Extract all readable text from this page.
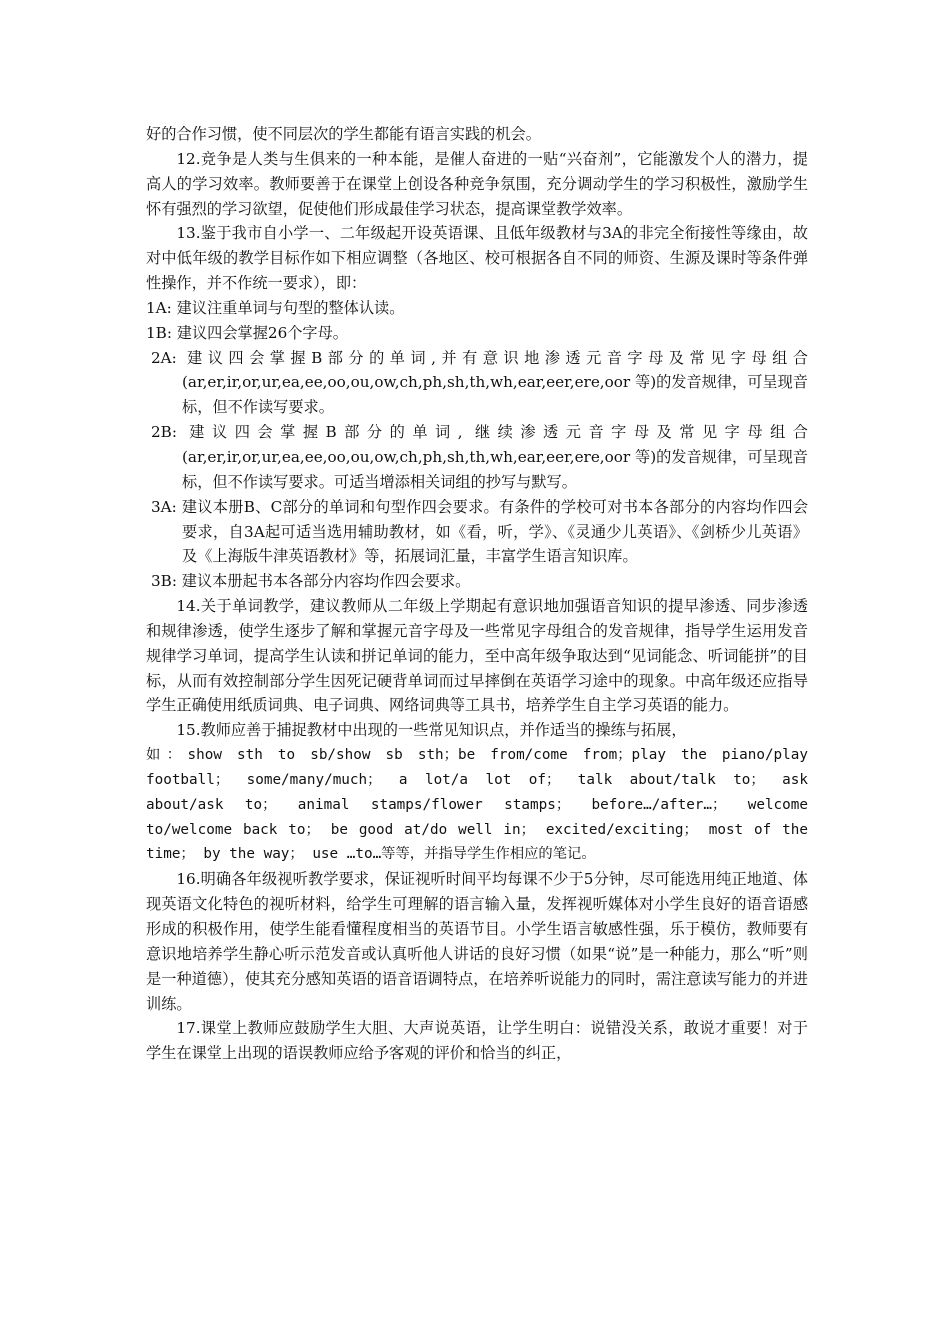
好的合作习惯，使不同层次的学生都能有语言实践的机会。

12.竞争是人类与生俱来的一种本能，是催人奋进的一贴“兴奋剂”，它能激发个人的潜力，提高人的学习效率。教师要善于在课堂上创设各种竞争氛围，充分调动学生的学习积极性，激励学生怀有强烈的学习欲望，促使他们形成最佳学习状态，提高课堂教学效率。

13.鉴于我市自小学一、二年级起开设英语课、且低年级教材与3A的非完全衔接性等缘由，故对中低年级的教学目标作如下相应调整（各地区、校可根据各自不同的师资、生源及课时等条件弹性操作，并不作统一要求），即：

1A: 建议注重单词与句型的整体认读。
1B: 建议四会掌握26个字母。

2A: 建议四会掌握B部分的单词,并有意识地渗透元音字母及常见字母组合(ar,er,ir,or,ur,ea,ee,oo,ou,ow,ch,ph,sh,th,wh,ear,eer,ere,oor 等)的发音规律，可呈现音标，但不作读写要求。

2B: 建议四会掌握B部分的单词, 继续渗透元音字母及常见字母组合(ar,er,ir,or,ur,ea,ee,oo,ou,ow,ch,ph,sh,th,wh,ear,eer,ere,oor 等)的发音规律，可呈现音标，但不作读写要求。可适当增添相关词组的抄写与默写。

3A: 建议本册B、C部分的单词和句型作四会要求。有条件的学校可对书本各部分的内容均作四会要求，自3A起可适当选用辅助教材，如《看，听，学》、《灵通少儿英语》、《剑桥少儿英语》及《上海版牛津英语教材》等，拓展词汇量，丰富学生语言知识库。

3B: 建议本册起书本各部分内容均作四会要求。

14.关于单词教学，建议教师从二年级上学期起有意识地加强语音知识的提早渗透、同步渗透和规律渗透，使学生逐步了解和掌握元音字母及一些常见字母组合的发音规律，指导学生运用发音规律学习单词，提高学生认读和拼记单词的能力，至中高年级争取达到“见词能念、听词能拼”的目标，从而有效控制部分学生因死记硬背单词而过早摔倒在英语学习途中的现象。中高年级还应指导学生正确使用纸质词典、电子词典、网络词典等工具书，培养学生自主学习英语的能力。

15.教师应善于捕捉教材中出现的一些常见知识点，并作适当的操练与拓展，

如：show sth to sb/show sb sth；be from/come from；play the piano/play football； some/many/much； a lot/a lot of； talk about/talk to； ask about/ask to； animal stamps/flower stamps； before…/after…； welcome to/welcome back to； be good at/do well in； excited/exciting； most of the time； by the way； use …to…等等，并指导学生作相应的笔记。

16.明确各年级视听教学要求，保证视听时间平均每课不少于5分钟，尽可能选用纯正地道、体现英语文化特色的视听材料，给学生可理解的语言输入量，发挥视听媒体对小学生良好的语音语感形成的积极作用，使学生能看懂程度相当的英语节目。小学生语言敏感性强，乐于模仿，教师要有意识地培养学生静心听示范发音或认真听他人讲话的良好习惯（如果“说”是一种能力，那么“听”则是一种道德），使其充分感知英语的语音语调特点，在培养听说能力的同时，需注意读写能力的并进训练。

17.课堂上教师应鼓励学生大胆、大声说英语，让学生明白：说错没关系，敢说才重要！对于学生在课堂上出现的语误教师应给予客观的评价和恰当的纠正，
